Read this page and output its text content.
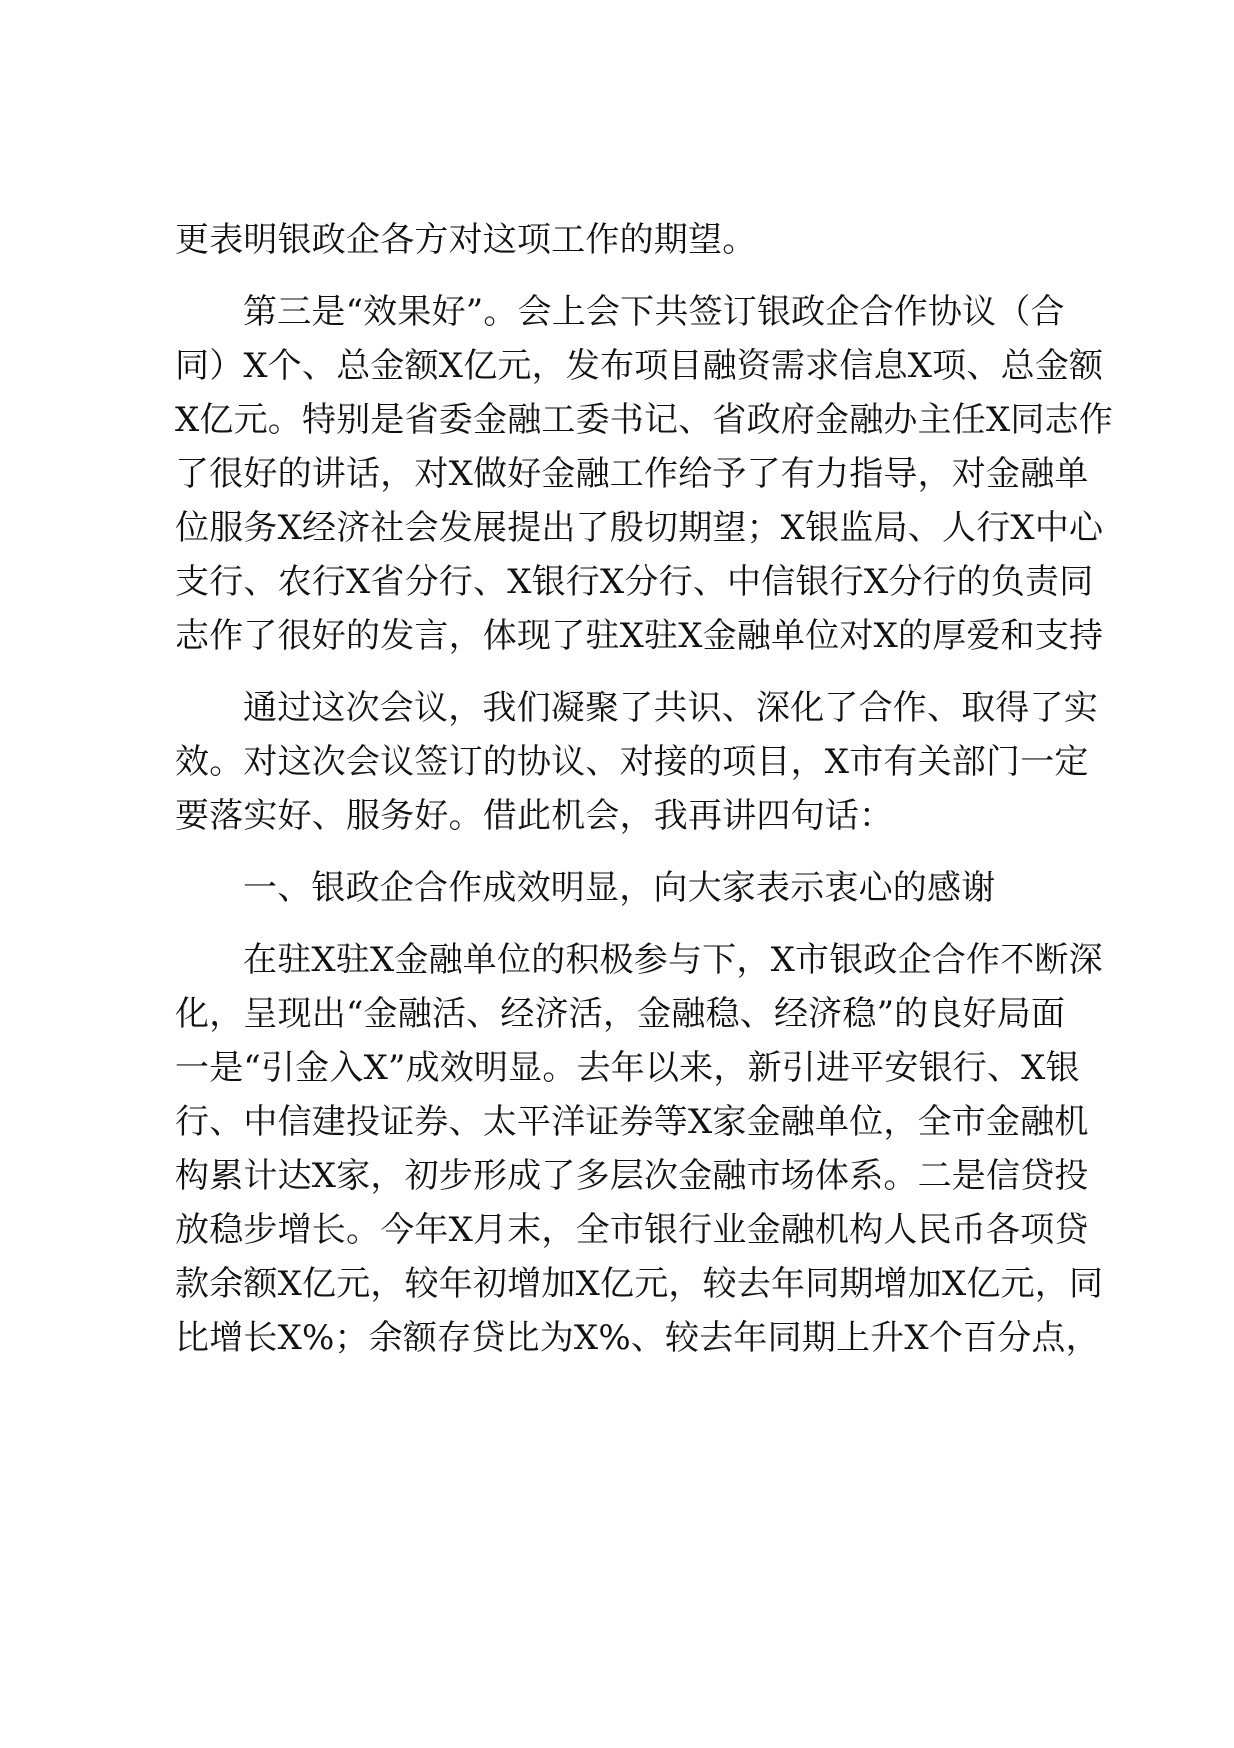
更表明银政企各方对这项工作的期望。
第三是“效果好”。会上会下共签订银政企合作协议（合
同）X个、总金额X亿元，发布项目融资需求信息X项、总金额
X亿元。特别是省委金融工委书记、省政府金融办主任X同志作
了很好的讲话，对X做好金融工作给予了有力指导，对金融单
位服务X经济社会发展提出了殷切期望；X银监局、人行X中心
支行、农行X省分行、X银行X分行、中信银行X分行的负责同
志作了很好的发言，体现了驻X驻X金融单位对X的厚爱和支持
通过这次会议，我们凝聚了共识、深化了合作、取得了实
效。对这次会议签订的协议、对接的项目，X市有关部门一定
要落实好、服务好。借此机会，我再讲四句话：
一、银政企合作成效明显，向大家表示衷心的感谢
在驻X驻X金融单位的积极参与下，X市银政企合作不断深
化，呈现出“金融活、经济活，金融稳、经济稳”的良好局面
一是“引金入X”成效明显。去年以来，新引进平安银行、X银
行、中信建投证券、太平洋证券等X家金融单位，全市金融机
构累计达X家，初步形成了多层次金融市场体系。二是信贷投
放稳步增长。今年X月末，全市银行业金融机构人民币各项贷
款余额X亿元，较年初增加X亿元，较去年同期增加X亿元，同
比增长X%；余额存贷比为X%、较去年同期上升X个百分点，
